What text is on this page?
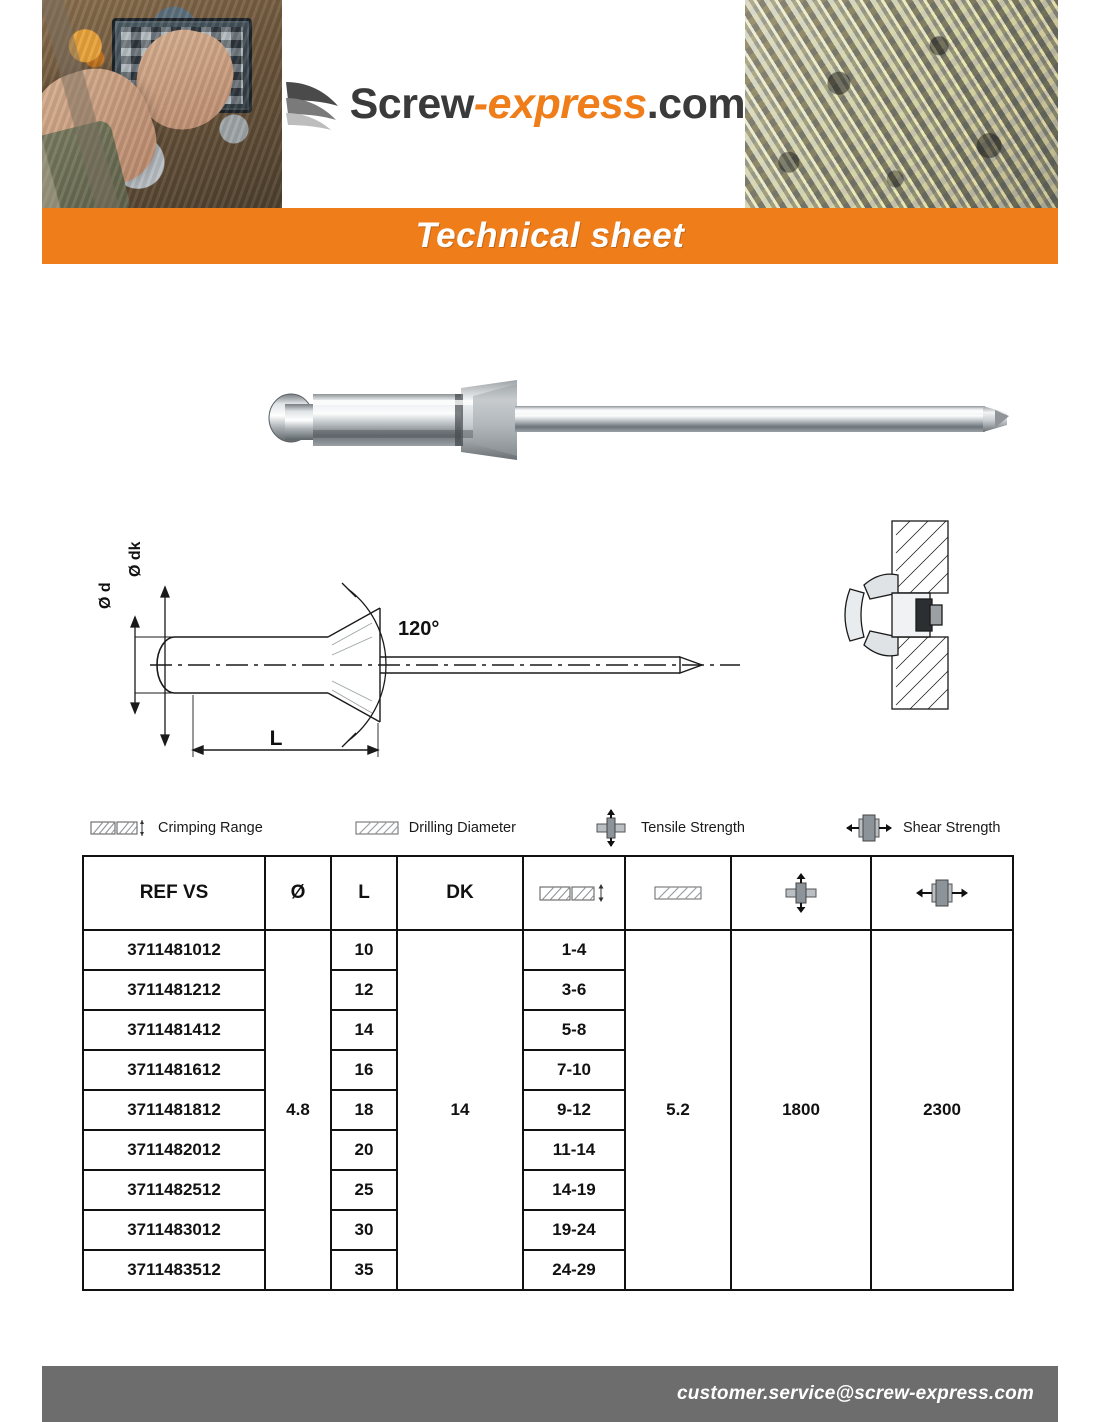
Screw-express.com
Technical sheet
120°
Ø d
Ø dk
L
Crimping Range	Drilling Diameter	Tensile Strength	Shear Strength
REF VS	Ø	L	DK	

3711481012	4.8	10	14	1-4	5.2	1800	2300
3711481212		12		3-6			
3711481412		14		5-8			
3711481612		16		7-10			
3711481812		18		9-12			
3711482012		20		11-14			
3711482512		25		14-19			
3711483012		30		19-24			
3711483512		35		24-29			
customer.service@screw-express.com
